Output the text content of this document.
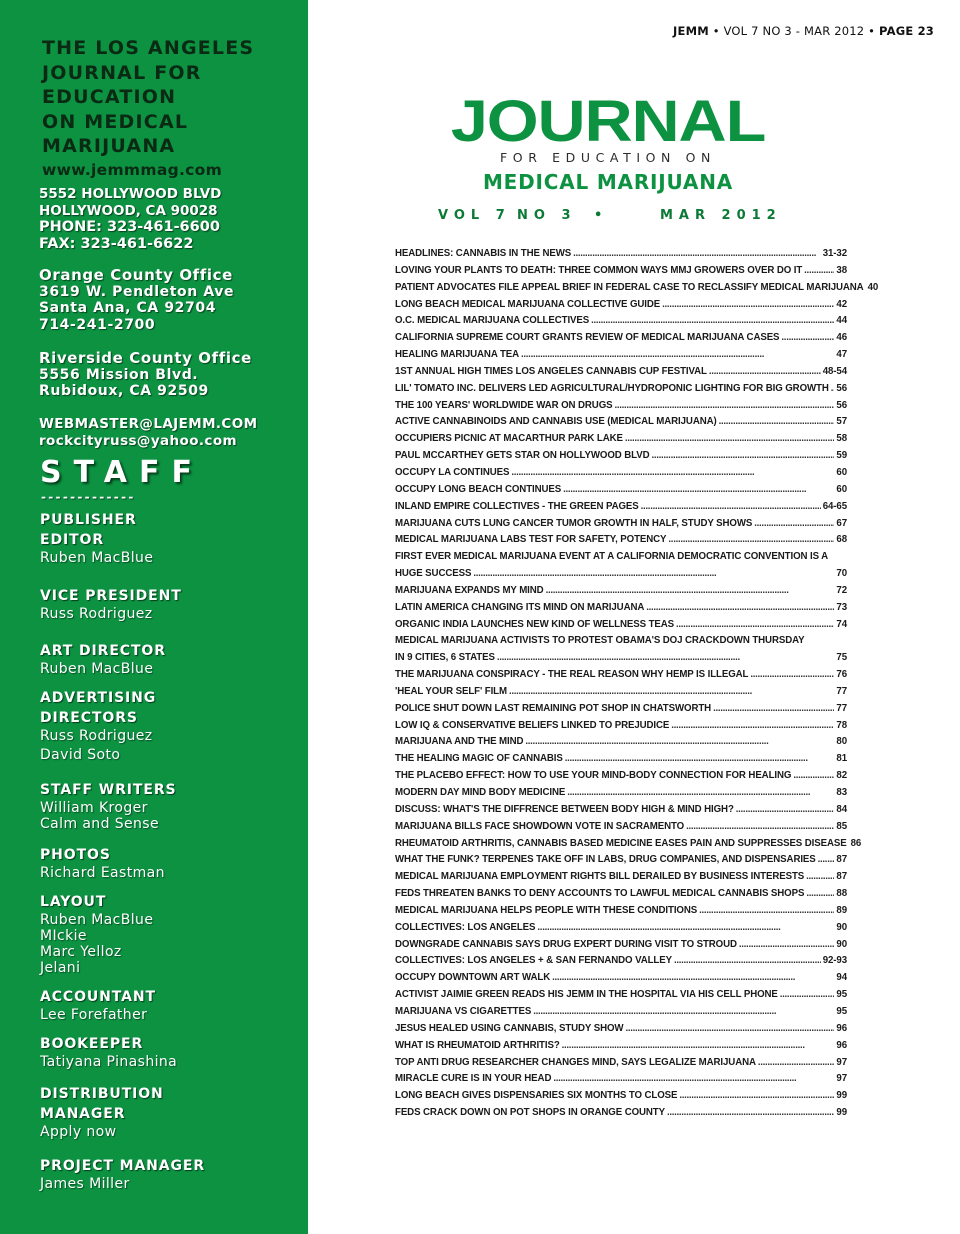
THE LOS ANGELES
JOURNAL FOR
EDUCATION
ON MEDICAL
MARIJUANA
www.jemmmag.com
5552 HOLLYWOOD BLVD
HOLLYWOOD, CA 90028
PHONE: 323-461-6600
FAX: 323-461-6622
Orange County Office
3619 W. Pendleton Ave
Santa Ana, CA 92704
714-241-2700
Riverside County Office
5556 Mission Blvd.
Rubidoux, CA 92509
WEBMASTER@LAJEMM.COM
rockcityruss@yahoo.com
STAFF
-------------
PUBLISHER
EDITOR
Ruben MacBlue
VICE PRESIDENT
Russ Rodriguez
ART DIRECTOR
Ruben MacBlue
ADVERTISING
DIRECTORS
Russ Rodriguez
David Soto
STAFF WRITERS
William Kroger
Calm and Sense
PHOTOS
Richard Eastman
LAYOUT
Ruben MacBlue
MIckie
Marc Yelloz
Jelani
ACCOUNTANT
Lee Forefather
BOOKEEPER
Tatiyana Pinashina
DISTRIBUTION
MANAGER
Apply now
PROJECT MANAGER
James Miller
JEMM • VOL 7 NO 3 - MAR 2012 • PAGE 23
JOURNAL
FOR EDUCATION ON
MEDICAL MARIJUANA
VOL 7 NO 3 •	MAR 2012
HEADLINES: CANNABIS IN THE NEWS . . .	31-32
LOVING YOUR PLANTS TO DEATH: THREE COMMON WAYS MMJ GROWERS OVER DO IT . . .	38
PATIENT ADVOCATES FILE APPEAL BRIEF IN FEDERAL CASE TO RECLASSIFY MEDICAL MARIJUANA 40
LONG BEACH MEDICAL MARIJUANA COLLECTIVE GUIDE . . .	42
O.C. MEDICAL MARIJUANA COLLECTIVES . . .	44
CALIFORNIA SUPREME COURT GRANTS REVIEW OF MEDICAL MARIJUANA CASES . . .	46
HEALING MARIJUANA TEA . . .	47
1ST ANNUAL HIGH TIMES LOS ANGELES CANNABIS CUP FESTIVAL . . .	48-54
LIL' TOMATO INC. DELIVERS LED AGRICULTURAL/HYDROPONIC LIGHTING FOR BIG GROWTH . . . 56
THE 100 YEARS' WORLDWIDE WAR ON DRUGS . . .	56
ACTIVE CANNABINOIDS AND CANNABIS USE (MEDICAL MARIJUANA) . . .	57
OCCUPIERS PICNIC AT MACARTHUR PARK LAKE . . .	58
PAUL MCCARTHEY GETS STAR ON HOLLYWOOD BLVD . . .	59
OCCUPY LA CONTINUES . . .	60
OCCUPY LONG BEACH CONTINUES . . .	60
INLAND EMPIRE COLLECTIVES - THE GREEN PAGES . . .	64-65
MARIJUANA CUTS LUNG CANCER TUMOR GROWTH IN HALF, STUDY SHOWS . . .	67
MEDICAL MARIJUANA LABS TEST FOR SAFETY, POTENCY . . .	68
FIRST EVER MEDICAL MARIJUANA EVENT AT A CALIFORNIA DEMOCRATIC CONVENTION IS A
HUGE SUCCESS . . .	70
MARIJUANA EXPANDS MY MIND . . .	72
LATIN AMERICA CHANGING ITS MIND ON MARIJUANA . . .	73
ORGANIC INDIA LAUNCHES NEW KIND OF WELLNESS TEAS . . .	74
MEDICAL MARIJUANA ACTIVISTS TO PROTEST OBAMA'S DOJ CRACKDOWN THURSDAY
IN 9 CITIES, 6 STATES . . .	75
THE MARIJUANA CONSPIRACY - THE REAL REASON WHY HEMP IS ILLEGAL . . .	76
'HEAL YOUR SELF' FILM . . .	77
POLICE SHUT DOWN LAST REMAINING POT SHOP IN CHATSWORTH . . .	77
LOW IQ & CONSERVATIVE BELIEFS LINKED TO PREJUDICE . . .	78
MARIJUANA AND THE MIND . . .	80
THE HEALING MAGIC OF CANNABIS . . .	81
THE PLACEBO EFFECT: HOW TO USE YOUR MIND-BODY CONNECTION FOR HEALING . . .	82
MODERN DAY MIND BODY MEDICINE . . .	83
DISCUSS: WHAT'S THE DIFFRENCE BETWEEN BODY HIGH & MIND HIGH? . . .	84
MARIJUANA BILLS FACE SHOWDOWN VOTE IN SACRAMENTO . . .	85
RHEUMATOID ARTHRITIS, CANNABIS BASED MEDICINE EASES PAIN AND SUPPRESSES DISEASE 86
WHAT THE FUNK? TERPENES TAKE OFF IN LABS, DRUG COMPANIES, AND DISPENSARIES . . . 87
MEDICAL MARIJUANA EMPLOYMENT RIGHTS BILL DERAILED BY BUSINESS INTERESTS . . .	87
FEDS THREATEN BANKS TO DENY ACCOUNTS TO LAWFUL MEDICAL CANNABIS SHOPS . . .	88
MEDICAL MARIJUANA HELPS PEOPLE WITH THESE CONDITIONS . . .	89
COLLECTIVES: LOS ANGELES . . .	90
DOWNGRADE CANNABIS SAYS DRUG EXPERT DURING VISIT TO STROUD . . .	90
COLLECTIVES: LOS ANGELES + & SAN FERNANDO VALLEY . . .	92-93
OCCUPY DOWNTOWN ART WALK . . .	94
ACTIVIST JAIMIE GREEN READS HIS JEMM IN THE HOSPITAL VIA HIS CELL PHONE . . .	95
MARIJUANA VS CIGARETTES . . .	95
JESUS HEALED USING CANNABIS, STUDY SHOW . . .	96
WHAT IS RHEUMATOID ARTHRITIS? . . .	96
TOP ANTI DRUG RESEARCHER CHANGES MIND, SAYS LEGALIZE MARIJUANA . . .	97
MIRACLE CURE IS IN YOUR HEAD . . .	97
LONG BEACH GIVES DISPENSARIES SIX MONTHS TO CLOSE . . .	99
FEDS CRACK DOWN ON POT SHOPS IN ORANGE COUNTY . . .	99
